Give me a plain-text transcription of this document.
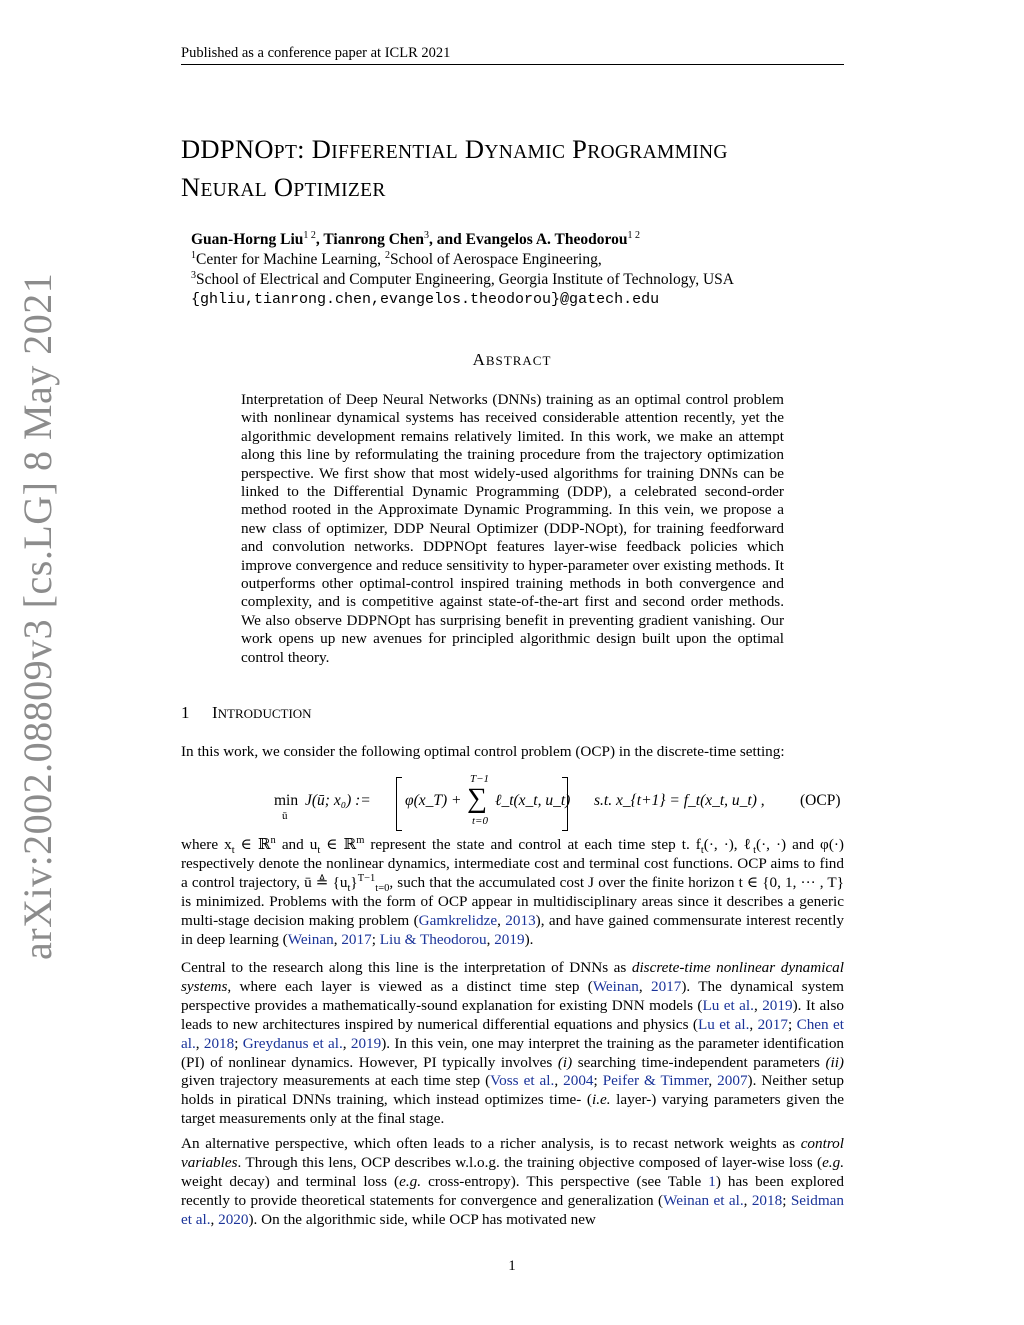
Published as a conference paper at ICLR 2021
DDPNOPT: DIFFERENTIAL DYNAMIC PROGRAMMING
NEURAL OPTIMIZER
Guan-Horng Liu$^{1 2}$, Tianrong Chen$^3$, and Evangelos A. Theodorou$^{1 2}$
$^1$Center for Machine Learning, $^2$School of Aerospace Engineering,
$^3$School of Electrical and Computer Engineering, Georgia Institute of Technology, USA
{ghliu,tianrong.chen,evangelos.theodorou}@gatech.edu
ABSTRACT
Interpretation of Deep Neural Networks (DNNs) training as an optimal control problem with nonlinear dynamical systems has received considerable attention recently, yet the algorithmic development remains relatively limited. In this work, we make an attempt along this line by reformulating the training procedure from the trajectory optimization perspective. We first show that most widely-used algorithms for training DNNs can be linked to the Differential Dynamic Programming (DDP), a celebrated second-order method rooted in the Approximate Dynamic Programming. In this vein, we propose a new class of optimizer, DDP Neural Optimizer (DDP-NOpt), for training feedforward and convolution networks. DDPNOpt features layer-wise feedback policies which improve convergence and reduce sensitivity to hyper-parameter over existing methods. It outperforms other optimal-control inspired training methods in both convergence and complexity, and is competitive against state-of-the-art first and second order methods. We also observe DDPNOpt has surprising benefit in preventing gradient vanishing. Our work opens up new avenues for principled algorithmic design built upon the optimal control theory.
1 INTRODUCTION
In this work, we consider the following optimal control problem (OCP) in the discrete-time setting:
min
ū
J(ū; x₀) := φ(x_T) +
T−1
∑
t=0
ℓ_t(x_t, u_t) s.t. x_{t+1} = f_t(x_t, u_t) , (OCP)
where $x_t$ ∈ ℝ$^n$ and $u_t$ ∈ ℝ$^m$ represent the state and control at each time step t. $f_t(\cdot$, ·), ℓ$_t$(·, ·) and φ(·) respectively denote the nonlinear dynamics, intermediate cost and terminal cost functions. OCP aims to find a control trajectory, ū ≜ $\{u_t\}^{T-1}_{t=0}$, such that the accumulated cost J over the finite horizon t ∈ {0, 1, ··· , T} is minimized. Problems with the form of OCP appear in multidisciplinary areas since it describes a generic multi-stage decision making problem (Gamkrelidze, 2013), and have gained commensurate interest recently in deep learning (Weinan, 2017; Liu & Theodorou, 2019).
Central to the research along this line is the interpretation of DNNs as discrete-time nonlinear dynamical systems, where each layer is viewed as a distinct time step (Weinan, 2017). The dynamical system perspective provides a mathematically-sound explanation for existing DNN models (Lu et al., 2019). It also leads to new architectures inspired by numerical differential equations and physics (Lu et al., 2017; Chen et al., 2018; Greydanus et al., 2019). In this vein, one may interpret the training as the parameter identification (PI) of nonlinear dynamics. However, PI typically involves (i) searching time-independent parameters (ii) given trajectory measurements at each time step (Voss et al., 2004; Peifer & Timmer, 2007). Neither setup holds in piratical DNNs training, which instead optimizes time- (i.e. layer-) varying parameters given the target measurements only at the final stage.
An alternative perspective, which often leads to a richer analysis, is to recast network weights as control variables. Through this lens, OCP describes w.l.o.g. the training objective composed of layer-wise loss (e.g. weight decay) and terminal loss (e.g. cross-entropy). This perspective (see Table 1) has been explored recently to provide theoretical statements for convergence and generalization (Weinan et al., 2018; Seidman et al., 2020). On the algorithmic side, while OCP has motivated new
arXiv:2002.08809v3 [cs.LG] 8 May 2021
1
